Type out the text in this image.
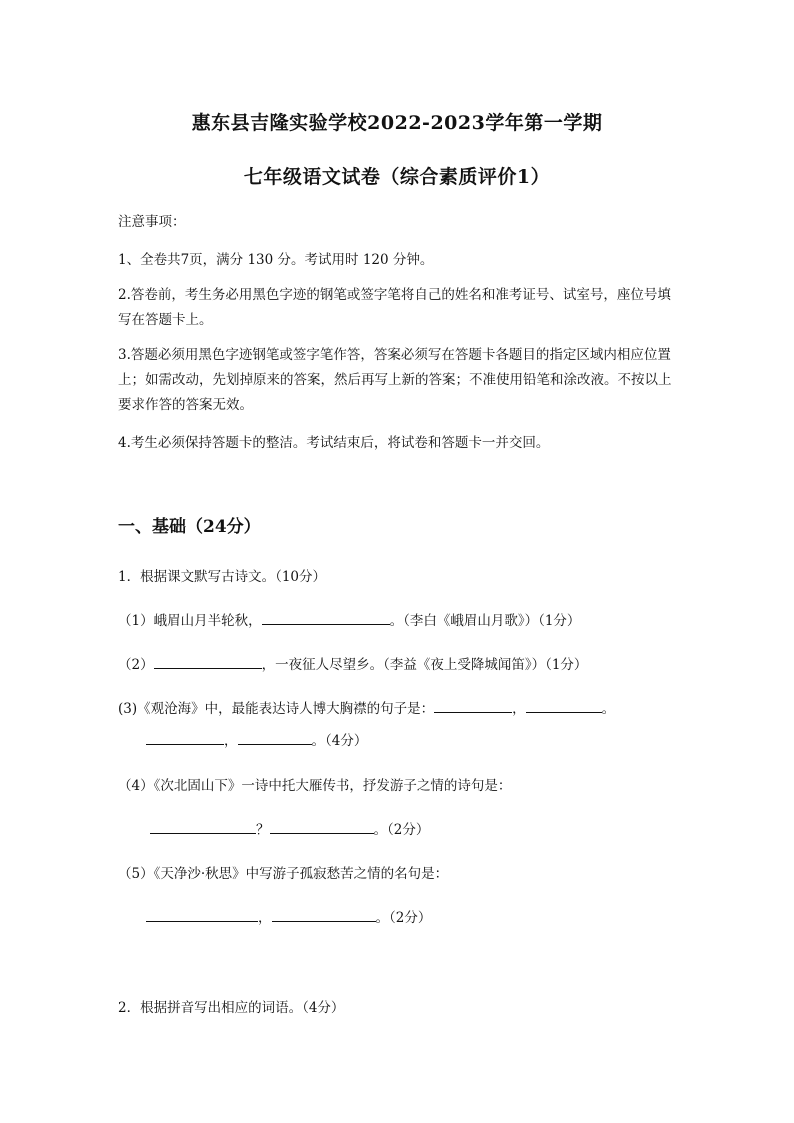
惠东县吉隆实验学校2022-2023学年第一学期
七年级语文试卷（综合素质评价1）
注意事项：
1、全卷共7页，满分 130 分。考试用时 120 分钟。
2.答卷前，考生务必用黑色字迹的钢笔或签字笔将自己的姓名和准考证号、试室号，座位号填写在答题卡上。
3.答题必须用黑色字迹钢笔或签字笔作答，答案必须写在答题卡各题目的指定区域内相应位置上；如需改动，先划掉原来的答案，然后再写上新的答案；不准使用铅笔和涂改液。不按以上要求作答的答案无效。
4.考生必须保持答题卡的整洁。考试结束后，将试卷和答题卡一并交回。
一、基础（24分）
1．根据课文默写古诗文。（10分）
（1）峨眉山月半轮秋，	。（李白《峨眉山月歌》）（1分）
（2）	，一夜征人尽望乡。（李益《夜上受降城闻笛》）（1分）
(3)《观沧海》中，最能表达诗人博大胸襟的句子是：	，	。
，	。（4分）
（4）《次北固山下》一诗中托大雁传书，抒发游子之情的诗句是：
？	。（2分）
（5）《天净沙·秋思》中写游子孤寂愁苦之情的名句是：
，	。（2分）
2．根据拼音写出相应的词语。（4分）
